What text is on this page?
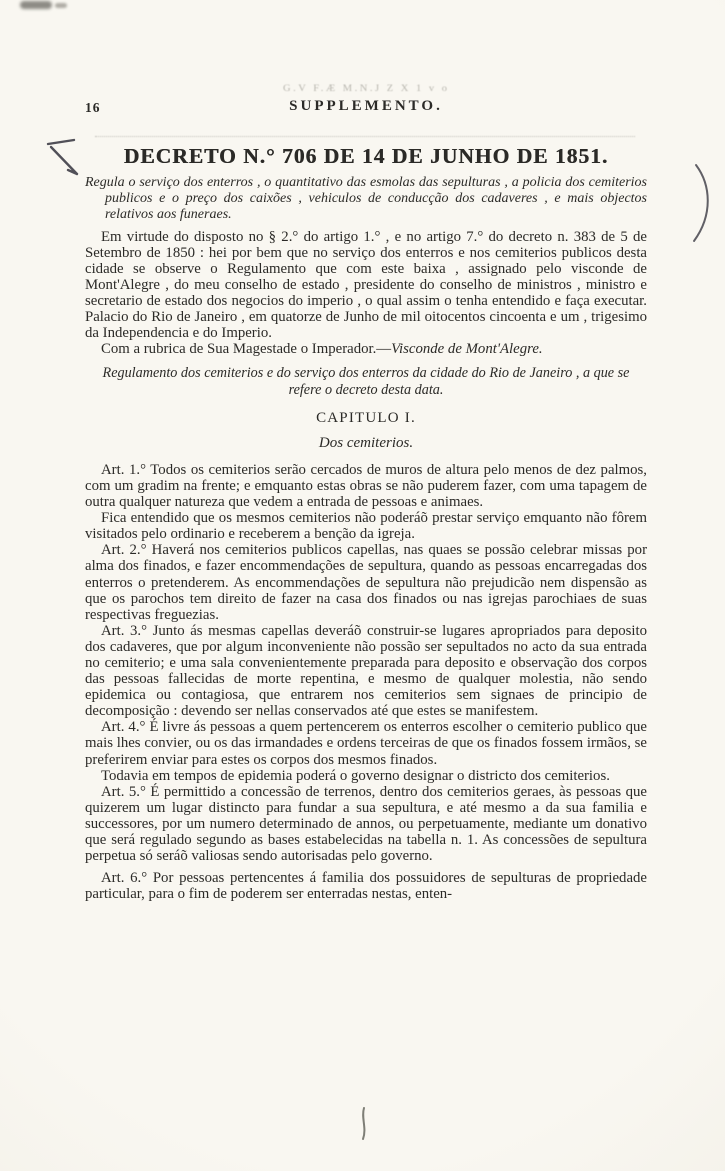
16
G.V F.Æ M.N.J Z X 1 v o
SUPPLEMENTO.
DECRETO N.° 706 DE 14 DE JUNHO DE 1851.

Regula o serviço dos enterros , o quantitativo das esmolas das sepulturas , a policia dos cemiterios publicos e o preço dos caixões , vehiculos de conducção dos cadaveres , e mais objectos relativos aos funeraes.

Em virtude do disposto no § 2.° do artigo 1.° , e no artigo 7.° do decreto n. 383 de 5 de Setembro de 1850 : hei por bem que no serviço dos enterros e nos cemiterios publicos desta cidade se observe o Regulamento que com este baixa , assignado pelo visconde de Mont'Alegre , do meu conselho de estado , presidente do conselho de ministros , ministro e secretario de estado dos negocios do imperio , o qual assim o tenha entendido e faça executar. Palacio do Rio de Janeiro , em quatorze de Junho de mil oitocentos cincoenta e um , trigesimo da Independencia e do Imperio.

Com a rubrica de Sua Magestade o Imperador.—Visconde de Mont'Alegre.

Regulamento dos cemiterios e do serviço dos enterros da cidade do Rio de Janeiro , a que se refere o decreto desta data.

CAPITULO I.

Dos cemiterios.

Art. 1.° Todos os cemiterios serão cercados de muros de altura pelo menos de dez palmos, com um gradim na frente; e emquanto estas obras se não puderem fazer, com uma tapagem de outra qualquer natureza que vedem a entrada de pessoas e animaes.

Fica entendido que os mesmos cemiterios não poderáõ prestar serviço emquanto não fôrem visitados pelo ordinario e receberem a benção da igreja.

Art. 2.° Haverá nos cemiterios publicos capellas, nas quaes se possão celebrar missas por alma dos finados, e fazer encommendações de sepultura, quando as pessoas encarregadas dos enterros o pretenderem. As encommendações de sepultura não prejudicão nem dispensão as que os parochos tem direito de fazer na casa dos finados ou nas igrejas parochiaes de suas respectivas freguezias.

Art. 3.° Junto ás mesmas capellas deveráõ construir-se lugares apropriados para deposito dos cadaveres, que por algum inconveniente não possão ser sepultados no acto da sua entrada no cemiterio; e uma sala convenientemente preparada para deposito e observação dos corpos das pessoas fallecidas de morte repentina, e mesmo de qualquer molestia, não sendo epidemica ou contagiosa, que entrarem nos cemiterios sem signaes de principio de decomposição : devendo ser nellas conservados até que estes se manifestem.

Art. 4.° É livre ás pessoas a quem pertencerem os enterros escolher o cemiterio publico que mais lhes convier, ou os das irmandades e ordens terceiras de que os finados fossem irmãos, se preferirem enviar para estes os corpos dos mesmos finados.

Todavia em tempos de epidemia poderá o governo designar o districto dos cemiterios.

Art. 5.° É permittido a concessão de terrenos, dentro dos cemiterios geraes, às pessoas que quizerem um lugar distincto para fundar a sua sepultura, e até mesmo a da sua familia e successores, por um numero determinado de annos, ou perpetuamente, mediante um donativo que será regulado segundo as bases estabelecidas na tabella n. 1. As concessões de sepultura perpetua só seráõ valiosas sendo autorisadas pelo governo.

Art. 6.° Por pessoas pertencentes á familia dos possuidores de sepulturas de propriedade particular, para o fim de poderem ser enterradas nestas, enten-
